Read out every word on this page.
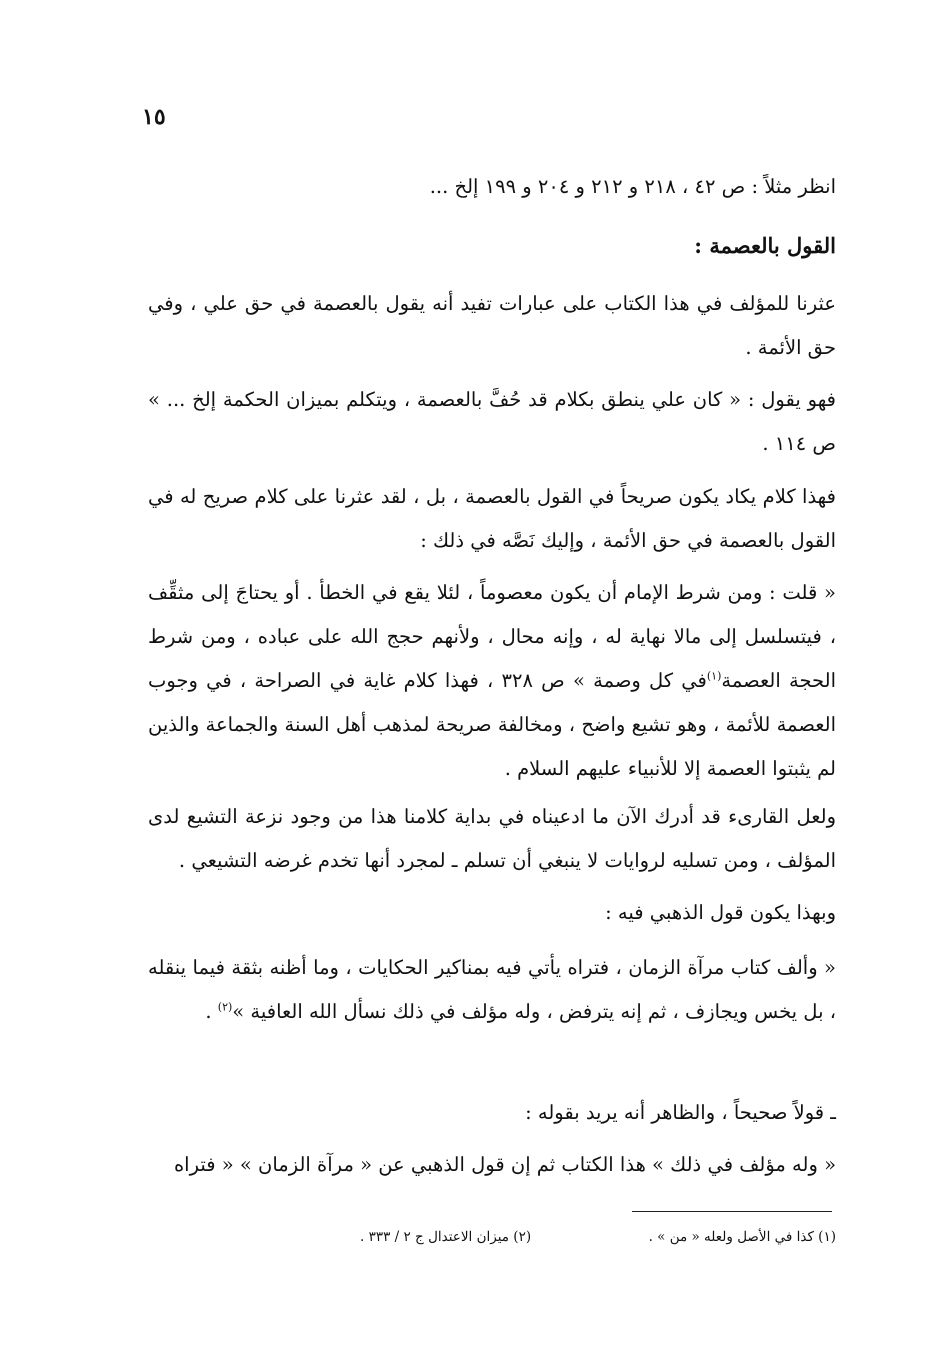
١٥
انظر مثلاً : ص ٤٢ ، ٢١٨ و ٢١٢ و ٢٠٤ و ١٩٩ إلخ ...
القول بالعصمة :
عثرنا للمؤلف في هذا الكتاب على عبارات تفيد أنه يقول بالعصمة في حق علي ، وفي حق الأئمة .
فهو يقول : « كان علي ينطق بكلام قد حُفَّ بالعصمة ، ويتكلم بميزان الحكمة إلخ ... » ص ١١٤ .
فهذا كلام يكاد يكون صريحاً في القول بالعصمة ، بل ، لقد عثرنا على كلام صريح له في القول بالعصمة في حق الأئمة ، وإليك نَصَّه في ذلك :
« قلت : ومن شرط الإمام أن يكون معصوماً ، لئلا يقع في الخطأ . أو يحتاجَ إلى مثقِّف ، فيتسلسل إلى مالا نهاية له ، وإنه محال ، ولأنهم حجج الله على عباده ، ومن شرط الحجة العصمة$^{(١)}$في كل وصمة » ص ٣٢٨ ، فهذا كلام غاية في الصراحة ، في وجوب العصمة للأئمة ، وهو تشيع واضح ، ومخالفة صريحة لمذهب أهل السنة والجماعة والذين لم يثبتوا العصمة إلا للأنبياء عليهم السلام .
ولعل القارىء قد أدرك الآن ما ادعيناه في بداية كلامنا هذا من وجود نزعة التشيع لدى المؤلف ، ومن تسليه لروايات لا ينبغي أن تسلم ـ لمجرد أنها تخدم غرضه التشيعي .
وبهذا يكون قول الذهبي فيه :
« وألف كتاب مرآة الزمان ، فتراه يأتي فيه بمناكير الحكايات ، وما أظنه بثقة فيما ينقله ، بل يخس ويجازف ، ثم إنه يترفض ، وله مؤلف في ذلك نسأل الله العافية »$^{(٢)}$ .
ـ قولاً صحيحاً ، والظاهر أنه يريد بقوله :
« وله مؤلف في ذلك » هذا الكتاب ثم إن قول الذهبي عن « مرآة الزمان » « فتراه
(١) كذا في الأصل ولعله « من » .
(٢) ميزان الاعتدال ج ٢ / ٣٣٣ .
